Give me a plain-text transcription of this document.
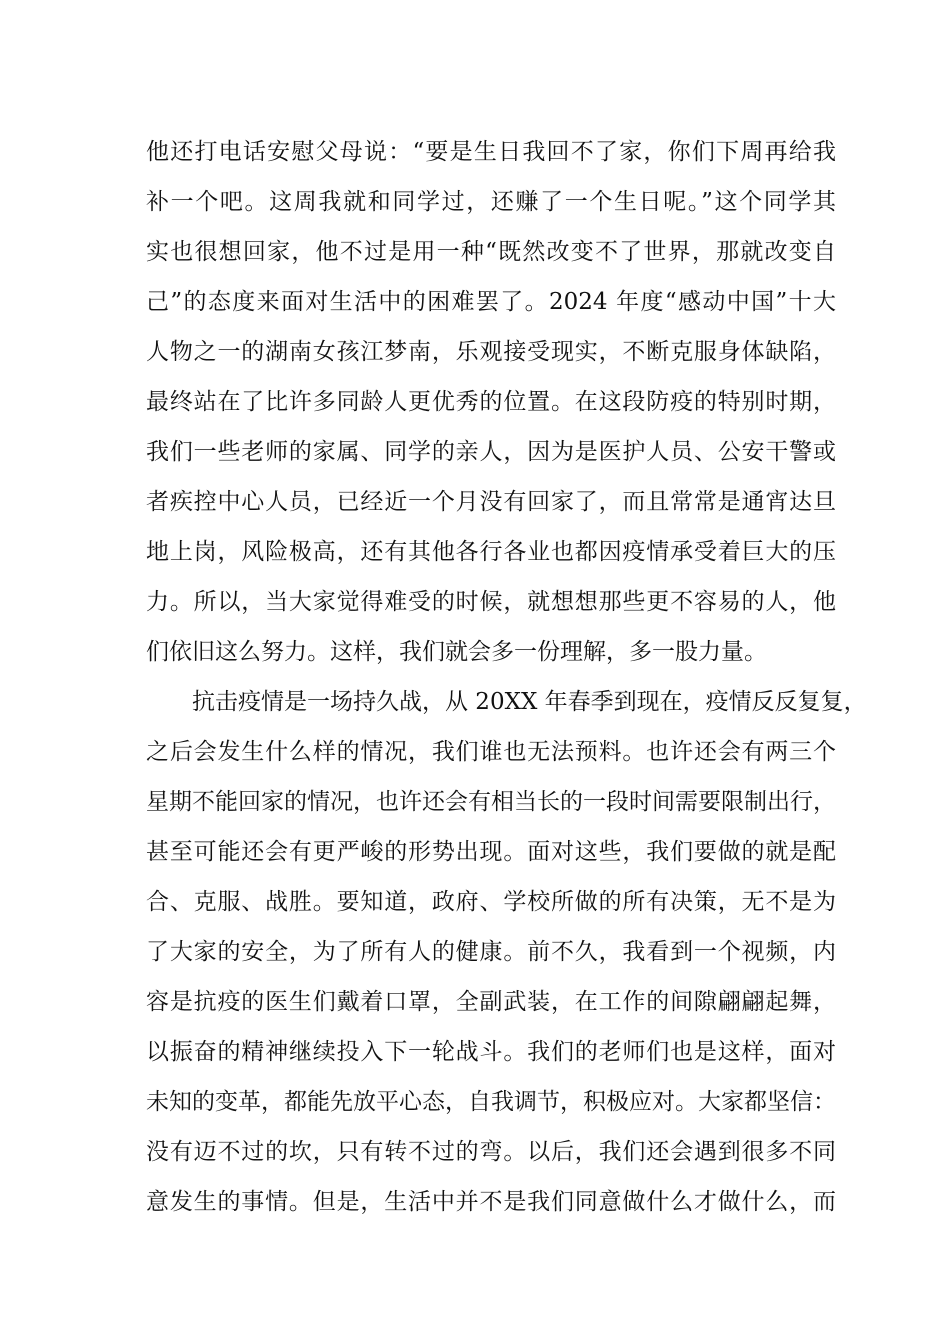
他还打电话安慰父母说：“要是生日我回不了家，你们下周再给我
补一个吧。这周我就和同学过，还赚了一个生日呢。”这个同学其
实也很想回家，他不过是用一种“既然改变不了世界，那就改变自
己”的态度来面对生活中的困难罢了。2024 年度“感动中国”十大
人物之一的湖南女孩江梦南，乐观接受现实，不断克服身体缺陷，
最终站在了比许多同龄人更优秀的位置。在这段防疫的特别时期，
我们一些老师的家属、同学的亲人，因为是医护人员、公安干警或
者疾控中心人员，已经近一个月没有回家了，而且常常是通宵达旦
地上岗，风险极高，还有其他各行各业也都因疫情承受着巨大的压
力。所以，当大家觉得难受的时候，就想想那些更不容易的人，他
们依旧这么努力。这样，我们就会多一份理解，多一股力量。

抗击疫情是一场持久战，从 20XX 年春季到现在，疫情反反复复，
之后会发生什么样的情况，我们谁也无法预料。也许还会有两三个
星期不能回家的情况，也许还会有相当长的一段时间需要限制出行，
甚至可能还会有更严峻的形势出现。面对这些，我们要做的就是配
合、克服、战胜。要知道，政府、学校所做的所有决策，无不是为
了大家的安全，为了所有人的健康。前不久，我看到一个视频，内
容是抗疫的医生们戴着口罩，全副武装，在工作的间隙翩翩起舞，
以振奋的精神继续投入下一轮战斗。我们的老师们也是这样，面对
未知的变革，都能先放平心态，自我调节，积极应对。大家都坚信：
没有迈不过的坎，只有转不过的弯。以后，我们还会遇到很多不同
意发生的事情。但是，生活中并不是我们同意做什么才做什么，而
